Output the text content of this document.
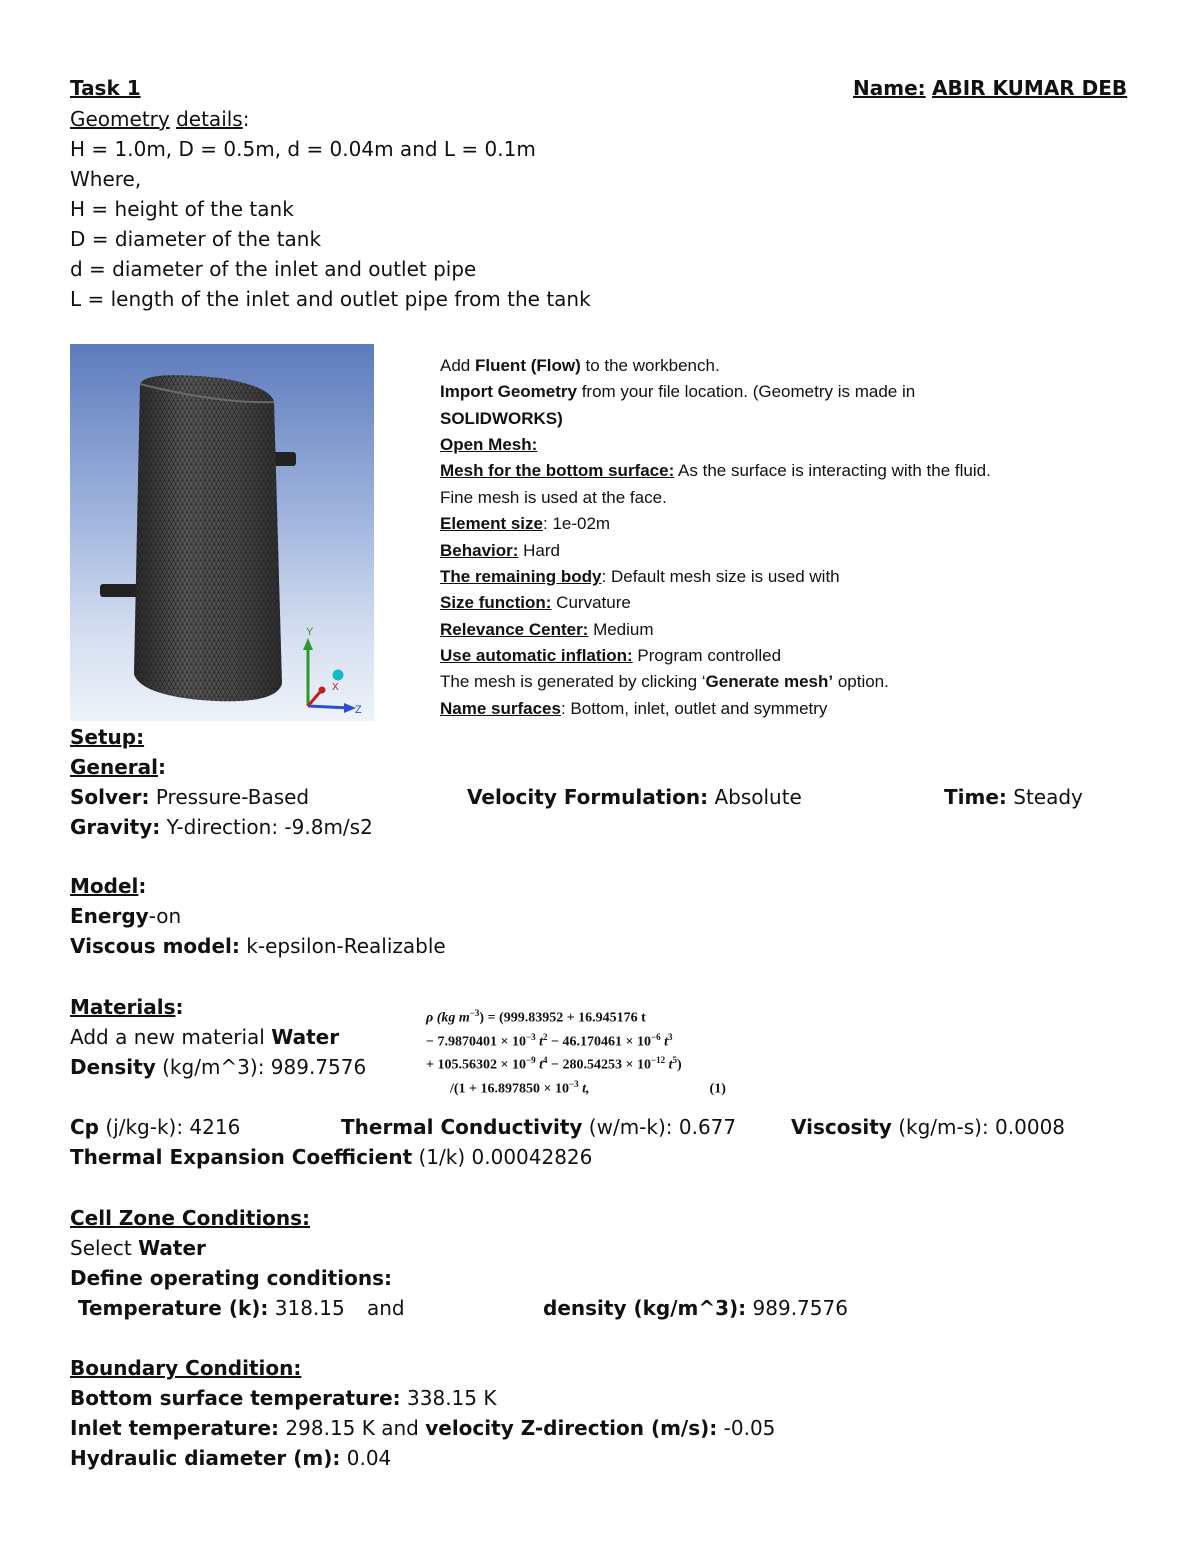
Task 1	Name: ABIR KUMAR DEB
Geometry details:
H = 1.0m, D = 0.5m, d = 0.04m and L = 0.1m
Where,
H = height of the tank
D = diameter of the tank
d = diameter of the inlet and outlet pipe
L = length of the inlet and outlet pipe from the tank
Y
X
Z
Add Fluent (Flow) to the workbench.
Import Geometry from your file location. (Geometry is made in
SOLIDWORKS)
Open Mesh:
Mesh for the bottom surface: As the surface is interacting with the fluid.
Fine mesh is used at the face.
Element size: 1e-02m
Behavior: Hard
The remaining body: Default mesh size is used with
Size function: Curvature
Relevance Center: Medium
Use automatic inflation: Program controlled
The mesh is generated by clicking ‘Generate mesh’ option.
Name surfaces: Bottom, inlet, outlet and symmetry
Setup:
General:
Solver: Pressure-Based	Velocity Formulation: Absolute	Time: Steady
Gravity: Y-direction: -9.8m/s2
Model:
Energy-on
Viscous model: k-epsilon-Realizable
Materials:
Add a new material Water
Density (kg/m^3): 989.7576
ρ (kg $m^{-3}) = (999.83952 + 16.945176$ t
− $7.9870401 \times 10^{-3}$ $t^2 - 46.170461 \times 10^{-6}$ $t^3$
+ $105.56302 \times 10^{-9}$ $t^4 - 280.54253 \times 10^{-12}$ $t^5$)
$/(1 + 16.897850 \times 10^{-3}$ t,	(1)
Cp (j/kg-k): 4216	Thermal Conductivity (w/m-k): 0.677	Viscosity (kg/m-s): 0.0008
Thermal Expansion Coefficient (1/k) 0.00042826
Cell Zone Conditions:
Select Water
Define operating conditions:
Temperature (k): 318.15 and	density (kg/m^3): 989.7576
Boundary Condition:
Bottom surface temperature: 338.15 K
Inlet temperature: 298.15 K and velocity Z-direction (m/s): -0.05
Hydraulic diameter (m): 0.04
